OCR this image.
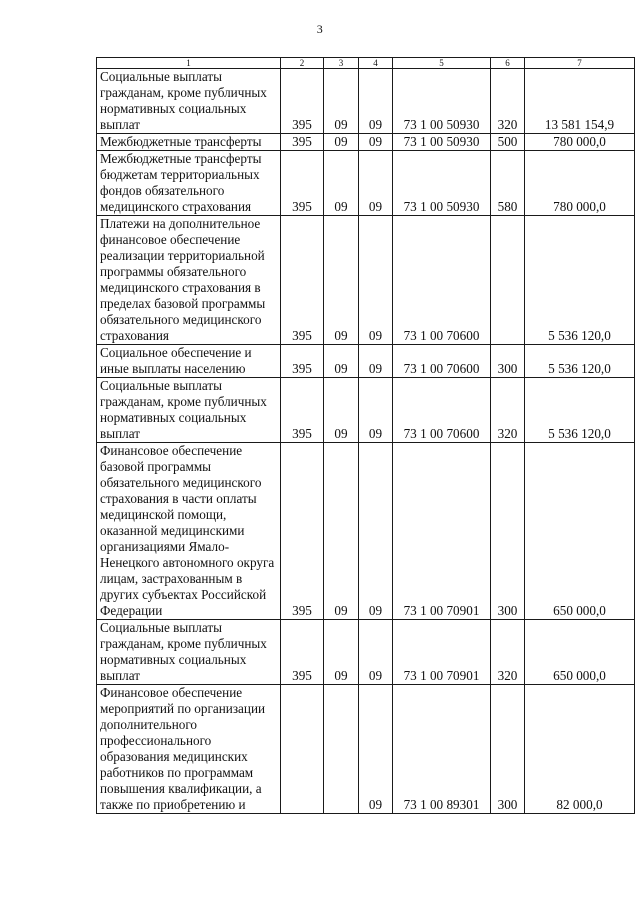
3
1	2	3	4	5	6	7
Социальные выплаты гражданам, кроме публичных нормативных социальных выплат	395	09	09	73 1 00 50930	320	13 581 154,9
Межбюджетные трансферты	395	09	09	73 1 00 50930	500	780 000,0
Межбюджетные трансферты бюджетам территориальных фондов обязательного медицинского страхования	395	09	09	73 1 00 50930	580	780 000,0
Платежи на дополнительное финансовое обеспечение реализации территориальной программы обязательного медицинского страхования в пределах базовой программы обязательного медицинского страхования	395	09	09	73 1 00 70600		5 536 120,0
Социальное обеспечение и иные выплаты населению	395	09	09	73 1 00 70600	300	5 536 120,0
Социальные выплаты гражданам, кроме публичных нормативных социальных выплат	395	09	09	73 1 00 70600	320	5 536 120,0
Финансовое обеспечение базовой программы обязательного медицинского страхования в части оплаты медицинской помощи, оказанной медицинскими организациями Ямало-Ненецкого автономного округа лицам, застрахованным в других субъектах Российской Федерации	395	09	09	73 1 00 70901	300	650 000,0
Социальные выплаты гражданам, кроме публичных нормативных социальных выплат	395	09	09	73 1 00 70901	320	650 000,0
Финансовое обеспечение мероприятий по организации дополнительного профессионального образования медицинских работников по программам повышения квалификации, а также по приобретению и			09	73 1 00 89301	300	82 000,0
